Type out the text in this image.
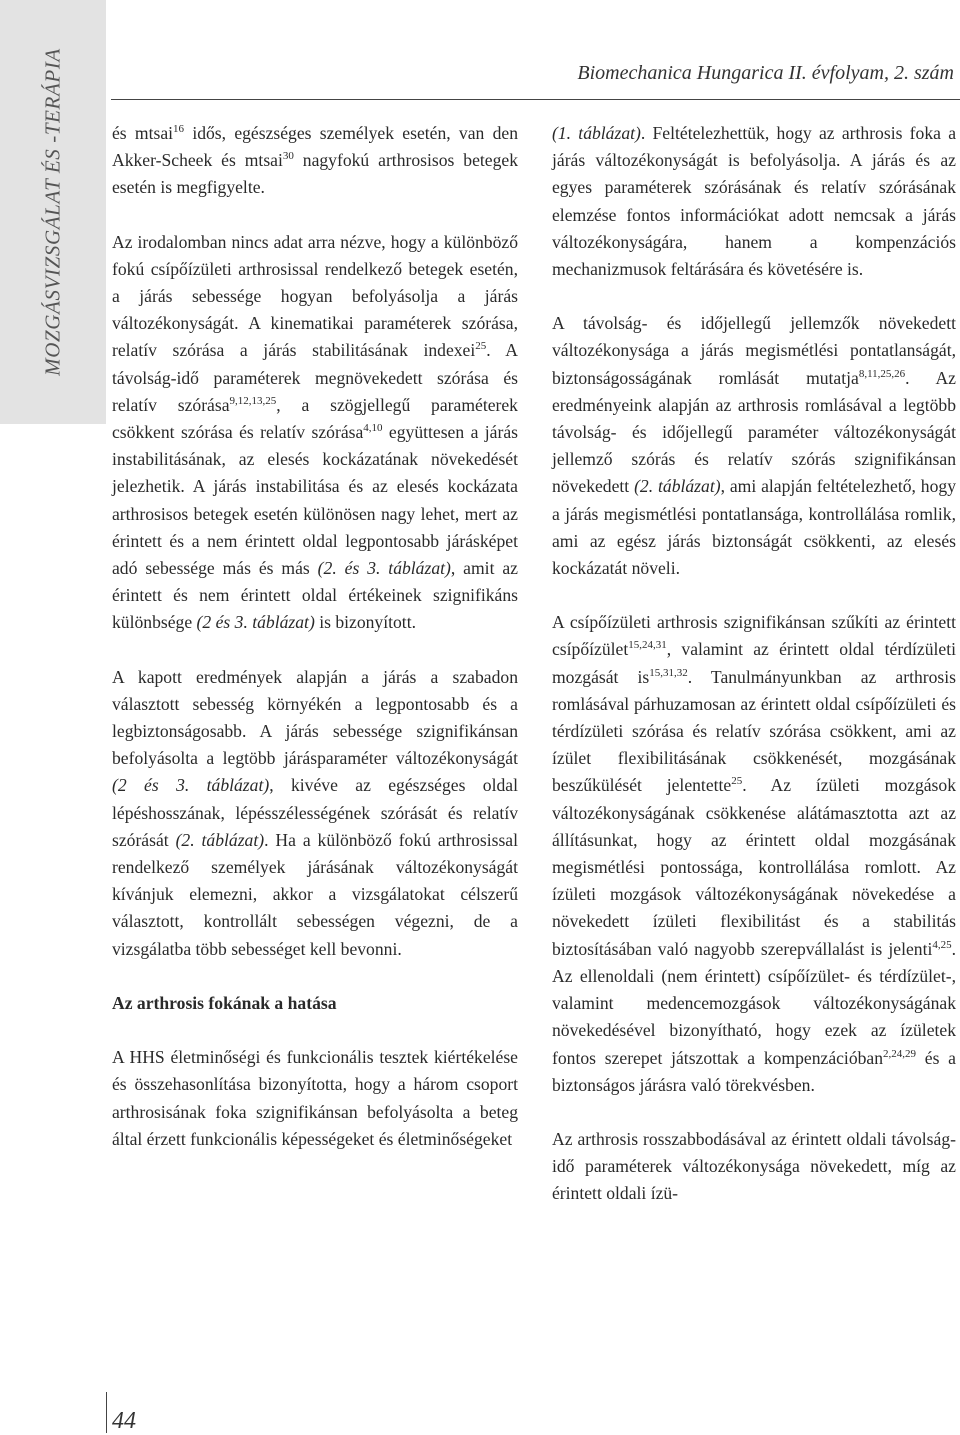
MOZGÁSVIZSGÁLAT ÉS -TERÁPIA	Biomechanica Hungarica II. évfolyam, 2. szám

és mtsai$^{16}$ idős, egészséges személyek esetén, van den Akker-Scheek és mtsai$^{30}$ nagyfokú arthrosisos betegek esetén is megfigyelte.

Az irodalomban nincs adat arra nézve, hogy a különböző fokú csípőízületi arthrosissal rendelkező betegek esetén, a járás sebessége hogyan befolyásolja a járás változékonyságát. A kinematikai paraméterek szórása, relatív szórása a járás stabilitásának indexei$^{25}$. A távolság-idő paraméterek megnövekedett szórása és relatív szórása$^{9,12,13,25}$, a szögjellegű paraméterek csökkent szórása és relatív szórása$^{4,10}$ együttesen a járás instabilitásának, az elesés kockázatának növekedését jelezhetik. A járás instabilitása és az elesés kockázata arthrosisos betegek esetén különösen nagy lehet, mert az érintett és a nem érintett oldal legpontosabb járásképet adó sebessége más és más (2. és 3. táblázat), amit az érintett és nem érintett oldal értékeinek szignifikáns különbsége (2 és 3. táblázat) is bizonyított.

A kapott eredmények alapján a járás a szabadon választott sebesség környékén a legpontosabb és a legbiztonságosabb. A járás sebessége szignifikánsan befolyásolta a legtöbb járásparaméter változékonyságát (2 és 3. táblázat), kivéve az egészséges oldal lépéshosszának, lépésszélességének szórását és relatív szórását (2. táblázat). Ha a különböző fokú arthrosissal rendelkező személyek járásának változékonyságát kívánjuk elemezni, akkor a vizsgálatokat célszerű választott, kontrollált sebességen végezni, de a vizsgálatba több sebességet kell bevonni.

Az arthrosis fokának a hatása

A HHS életminőségi és funkcionális tesztek kiértékelése és összehasonlítása bizonyította, hogy a három csoport arthrosisának foka szignifikánsan befolyásolta a beteg által érzett funkcionális képességeket és életminőségeket

(1. táblázat). Feltételezhettük, hogy az arthrosis foka a járás változékonyságát is befolyásolja. A járás és az egyes paraméterek szórásának és relatív szórásának elemzése fontos információkat adott nemcsak a járás változékonyságára, hanem a kompenzációs mechanizmusok feltárására és követésére is.

A távolság- és időjellegű jellemzők növekedett változékonysága a járás megismétlési pontatlanságát, biztonságosságának romlását mutatja$^{8,11,25,26}$. Az eredményeink alapján az arthrosis romlásával a legtöbb távolság- és időjellegű paraméter változékonyságát jellemző szórás és relatív szórás szignifikánsan növekedett (2. táblázat), ami alapján feltételezhető, hogy a járás megismétlési pontatlansága, kontrollálása romlik, ami az egész járás biztonságát csökkenti, az elesés kockázatát növeli.

A csípőízületi arthrosis szignifikánsan szűkíti az érintett csípőízület$^{15,24,31}$, valamint az érintett oldal térdízületi mozgását is$^{15,31,32}$. Tanulmányunkban az arthrosis romlásával párhuzamosan az érintett oldal csípőízületi és térdízületi szórása és relatív szórása csökkent, ami az ízület flexibilitásának csökkenését, mozgásának beszűkülését jelentette$^{25}$. Az ízületi mozgások változékonyságának csökkenése alátámasztotta azt az állításunkat, hogy az érintett oldal mozgásának megismétlési pontossága, kontrollálása romlott. Az ízületi mozgások változékonyságának növekedése a növekedett ízületi flexibilitást és a stabilitás biztosításában való nagyobb szerepvállalást is jelenti$^{4,25}$. Az ellenoldali (nem érintett) csípőízület- és térdízület-, valamint medencemozgások változékonyságának növekedésével bizonyítható, hogy ezek az ízületek fontos szerepet játszottak a kompenzációban$^{2,24,29}$ és a biztonságos járásra való törekvésben.

Az arthrosis rosszabbodásával az érintett oldali távolság-idő paraméterek változékonysága növekedett, míg az érintett oldali ízü-

44
